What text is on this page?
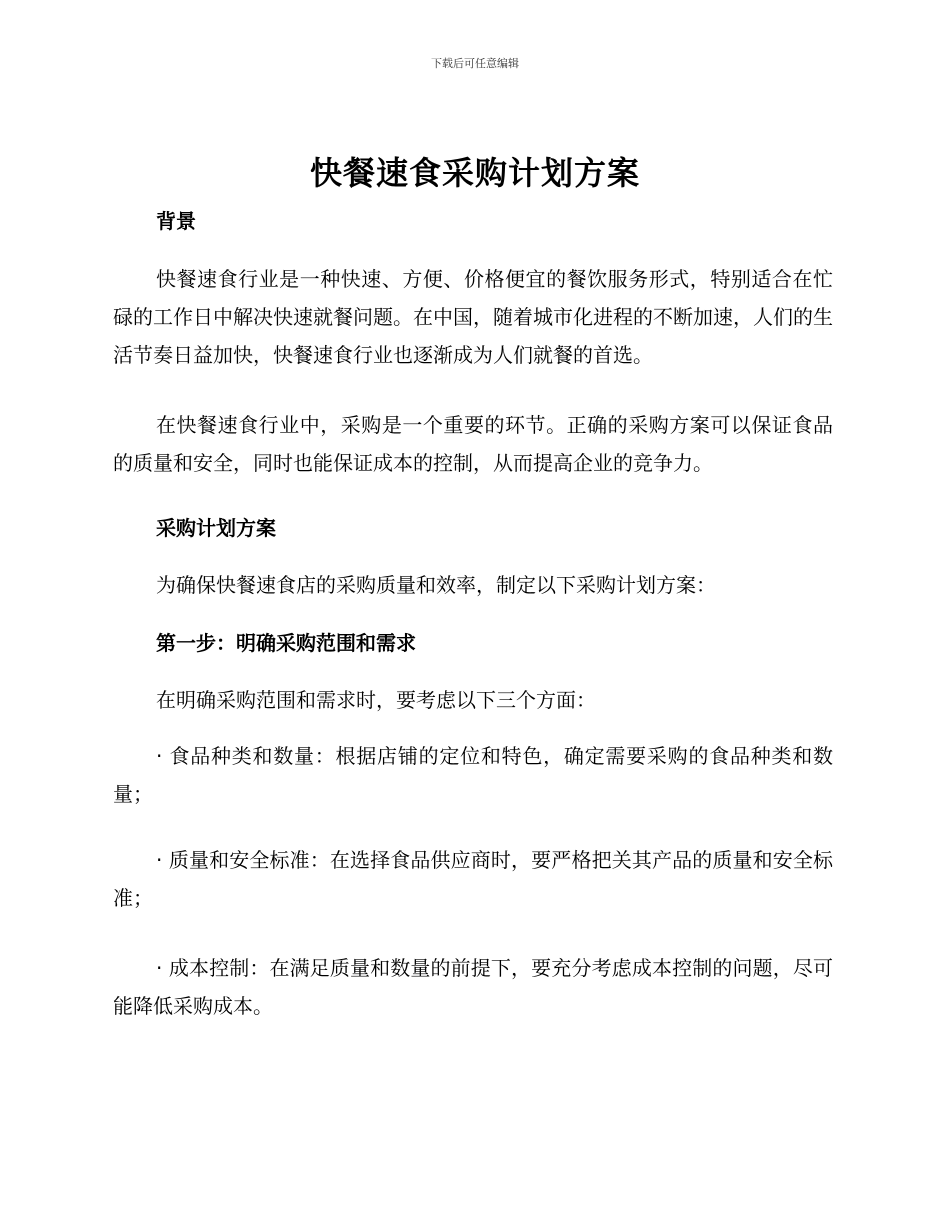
下载后可任意编辑
快餐速食采购计划方案
背景

快餐速食行业是一种快速、方便、价格便宜的餐饮服务形式，特别适合在忙碌的工作日中解决快速就餐问题。在中国，随着城市化进程的不断加速，人们的生活节奏日益加快，快餐速食行业也逐渐成为人们就餐的首选。

在快餐速食行业中，采购是一个重要的环节。正确的采购方案可以保证食品的质量和安全，同时也能保证成本的控制，从而提高企业的竞争力。

采购计划方案

为确保快餐速食店的采购质量和效率，制定以下采购计划方案：

第一步：明确采购范围和需求

在明确采购范围和需求时，要考虑以下三个方面：

· 食品种类和数量：根据店铺的定位和特色，确定需要采购的食品种类和数量；

· 质量和安全标准：在选择食品供应商时，要严格把关其产品的质量和安全标准；

· 成本控制：在满足质量和数量的前提下，要充分考虑成本控制的问题，尽可能降低采购成本。
